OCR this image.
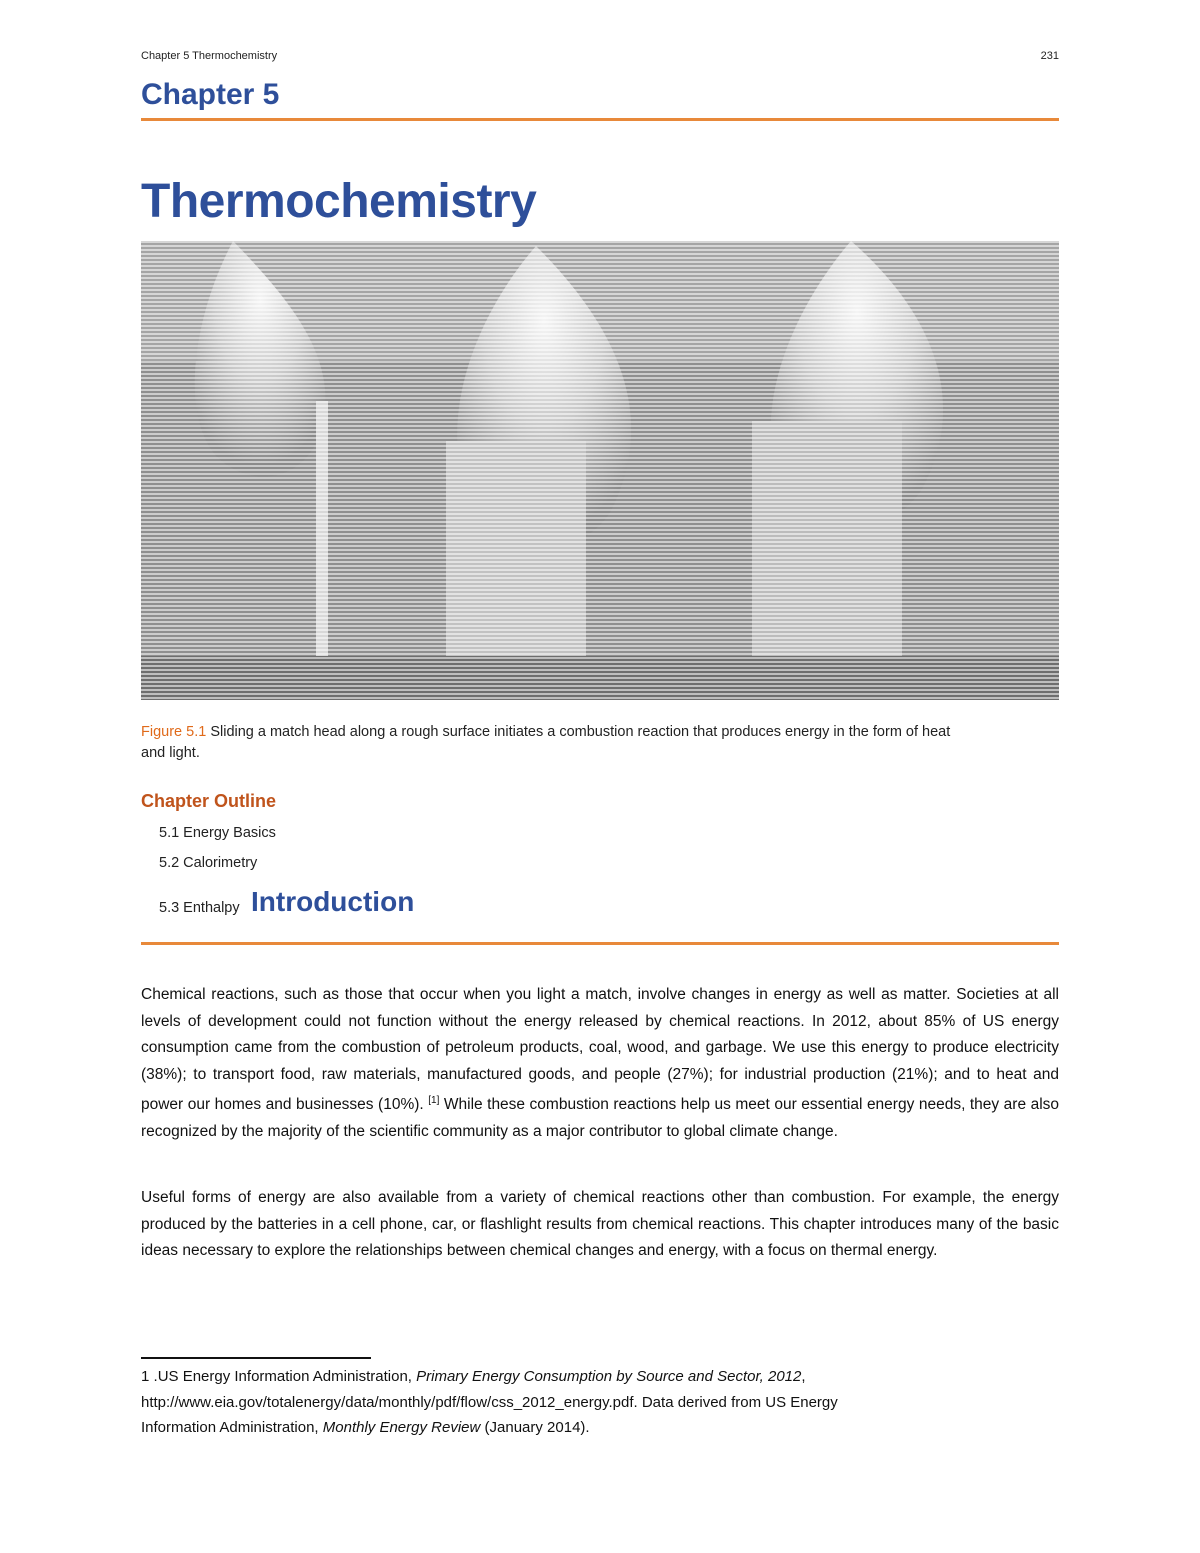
Chapter 5 Thermochemistry	231
Chapter 5
Thermochemistry
Figure 5.1 Sliding a match head along a rough surface initiates a combustion reaction that produces energy in the form of heat
and light.
Chapter Outline
5.1 Energy Basics
5.2 Calorimetry
5.3 Enthalpy Introduction
Chemical reactions, such as those that occur when you light a match, involve changes in energy as well as matter. Societies at all levels of development could not function without the energy released by chemical reactions. In 2012, about 85% of US energy consumption came from the combustion of petroleum products, coal, wood, and garbage. We use this energy to produce electricity (38%); to transport food, raw materials, manufactured goods, and people (27%); for industrial production (21%); and to heat and power our homes and businesses (10%). [1] While these combustion reactions help us meet our essential energy needs, they are also recognized by the majority of the scientific community as a major contributor to global climate change.
Useful forms of energy are also available from a variety of chemical reactions other than combustion. For example, the energy produced by the batteries in a cell phone, car, or flashlight results from chemical reactions. This chapter introduces many of the basic ideas necessary to explore the relationships between chemical changes and energy, with a focus on thermal energy.
1 .US Energy Information Administration, Primary Energy Consumption by Source and Sector, 2012,
http://www.eia.gov/totalenergy/data/monthly/pdf/flow/css_2012_energy.pdf. Data derived from US Energy
Information Administration, Monthly Energy Review (January 2014).
